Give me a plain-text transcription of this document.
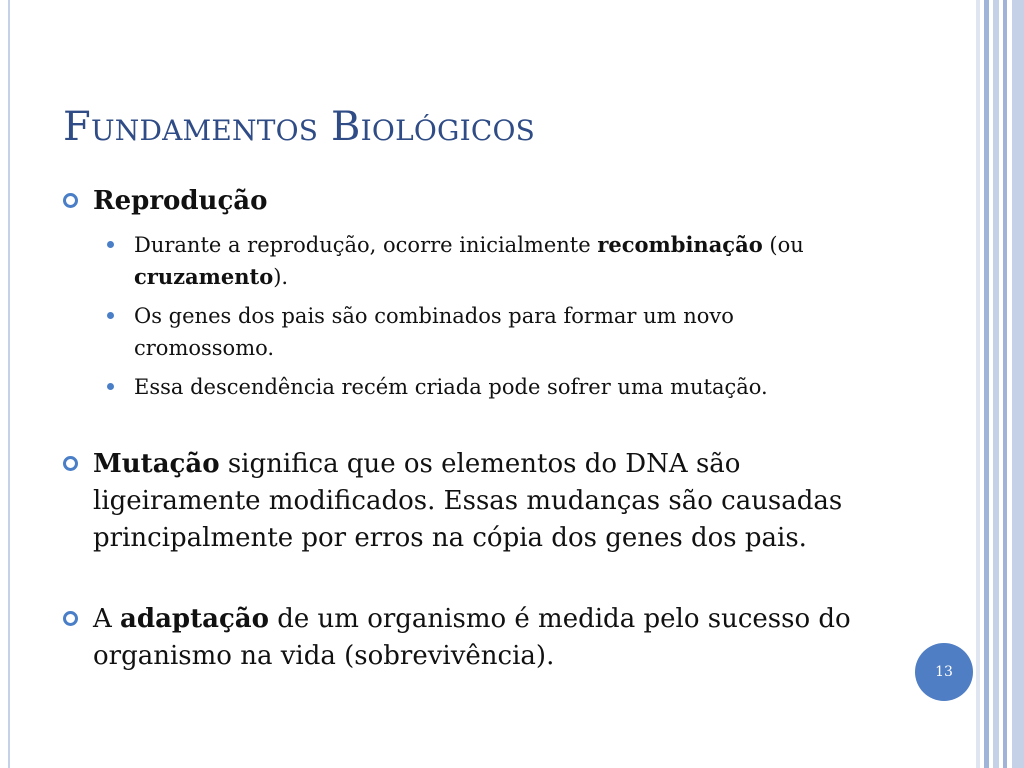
Fundamentos Biológicos
Reprodução
Durante a reprodução, ocorre inicialmente recombinação (ou cruzamento).
Os genes dos pais são combinados para formar um novo cromossomo.
Essa descendência recém criada pode sofrer uma mutação.
Mutação significa que os elementos do DNA são ligeiramente modificados. Essas mudanças são causadas principalmente por erros na cópia dos genes dos pais.
A adaptação de um organismo é medida pelo sucesso do organismo na vida (sobrevivência).
13
